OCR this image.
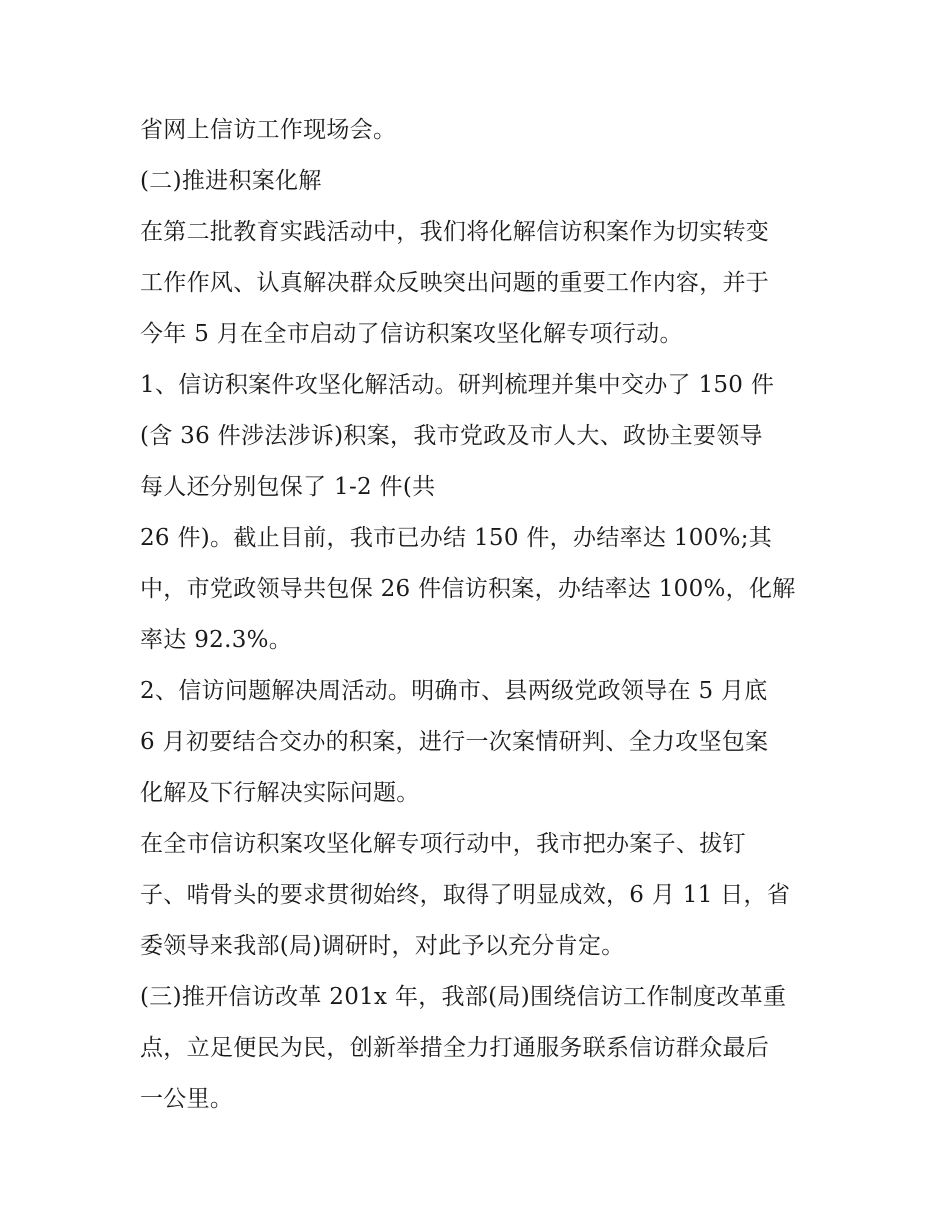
省网上信访工作现场会。
(二)推进积案化解
在第二批教育实践活动中，我们将化解信访积案作为切实转变
工作作风、认真解决群众反映突出问题的重要工作内容，并于
今年 5 月在全市启动了信访积案攻坚化解专项行动。
1、信访积案件攻坚化解活动。研判梳理并集中交办了 150 件
(含 36 件涉法涉诉)积案，我市党政及市人大、政协主要领导
每人还分别包保了 1-2 件(共
26 件)。截止目前，我市已办结 150 件，办结率达 100%;其
中，市党政领导共包保 26 件信访积案，办结率达 100%，化解
率达 92.3%。
2、信访问题解决周活动。明确市、县两级党政领导在 5 月底
6 月初要结合交办的积案，进行一次案情研判、全力攻坚包案
化解及下行解决实际问题。
在全市信访积案攻坚化解专项行动中，我市把办案子、拔钉
子、啃骨头的要求贯彻始终，取得了明显成效，6 月 11 日，省
委领导来我部(局)调研时，对此予以充分肯定。
(三)推开信访改革 201x 年，我部(局)围绕信访工作制度改革重
点，立足便民为民，创新举措全力打通服务联系信访群众最后
一公里。
